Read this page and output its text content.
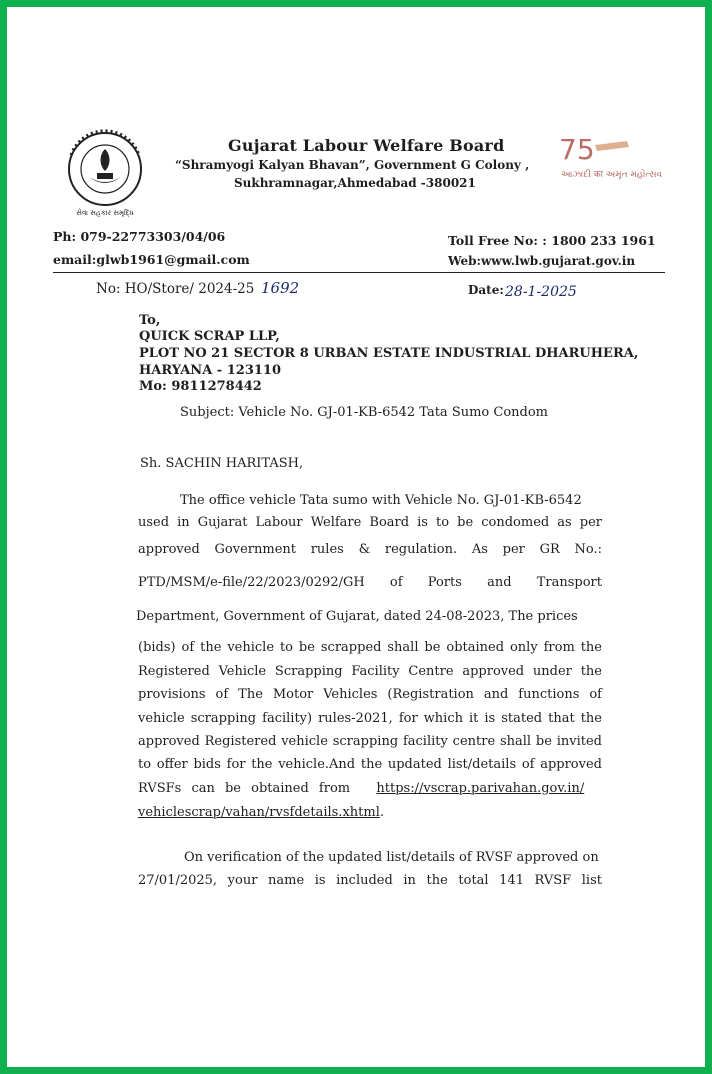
સેવા સહકાર સમૃદ્ધિ
Gujarat Labour Welfare Board
“Shramyogi Kalyan Bhavan”, Government G Colony ,
Sukhramnagar,Ahmedabad -380021
75
આઝાદી का અમૃત મહોત્સવ
Ph: 079-22773303/04/06
email:glwb1961@gmail.com
Toll Free No: : 1800 233 1961
Web:www.lwb.gujarat.gov.in
No: HO/Store/ 2024-25 1692	Date: 28-1-2025
To,
QUICK SCRAP LLP,
PLOT NO 21 SECTOR 8 URBAN ESTATE INDUSTRIAL DHARUHERA,
HARYANA - 123110
Mo: 9811278442
Subject: Vehicle No. GJ-01-KB-6542 Tata Sumo Condom
Sh. SACHIN HARITASH,
The office vehicle Tata sumo with Vehicle No. GJ-01-KB-6542
used in Gujarat Labour Welfare Board is to be condomed as per
approved Government rules & regulation. As per GR No.:
PTD/MSM/e-file/22/2023/0292/GH of Ports and Transport
Department, Government of Gujarat, dated 24-08-2023, The prices
(bids) of the vehicle to be scrapped shall be obtained only from the
Registered Vehicle Scrapping Facility Centre approved under the
provisions of The Motor Vehicles (Registration and functions of
vehicle scrapping facility) rules-2021, for which it is stated that the
approved Registered vehicle scrapping facility centre shall be invited
to offer bids for the vehicle.And the updated list/details of approved
RVSFs can be obtained from https://vscrap.parivahan.gov.in/
vehiclescrap/vahan/rvsfdetails.xhtml.
On verification of the updated list/details of RVSF approved on
27/01/2025, your name is included in the total 141 RVSF list
